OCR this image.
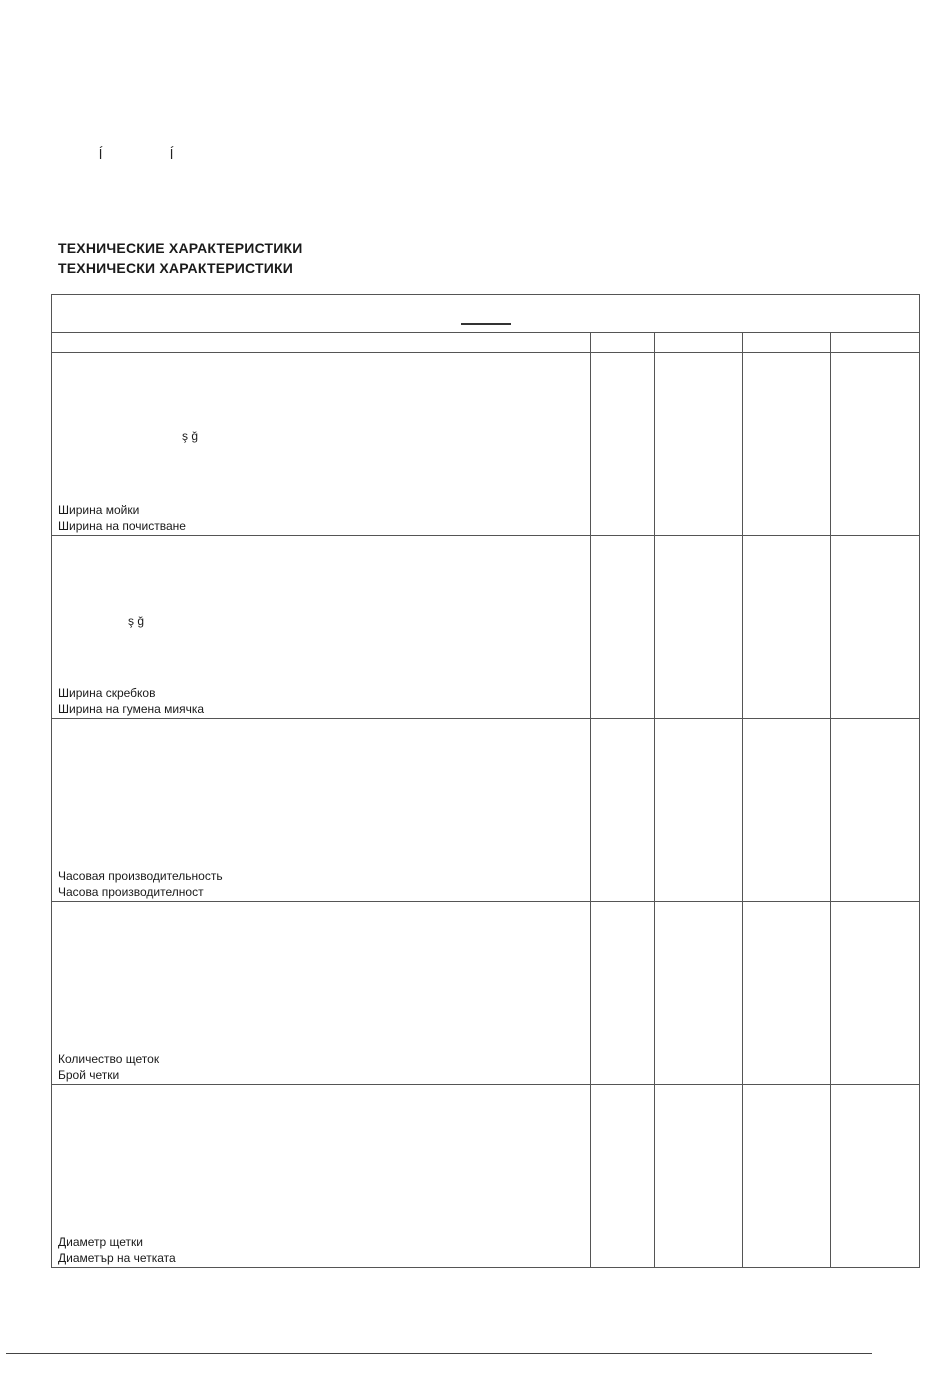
ĺ	ĺ
ТЕХНИЧЕСКИЕ ХАРАКТЕРИСТИКИ
ТЕХНИЧЕСКИ ХАРАКТЕРИСТИКИ
ş ğ
Ширина мойки
Ширина на почистване
ş ğ
Ширина скребков
Ширина на гумена миячка
Часовая производительность
Часова производителност
Количество щеток
Брой четки
Диаметр щетки
Диаметър на четката
